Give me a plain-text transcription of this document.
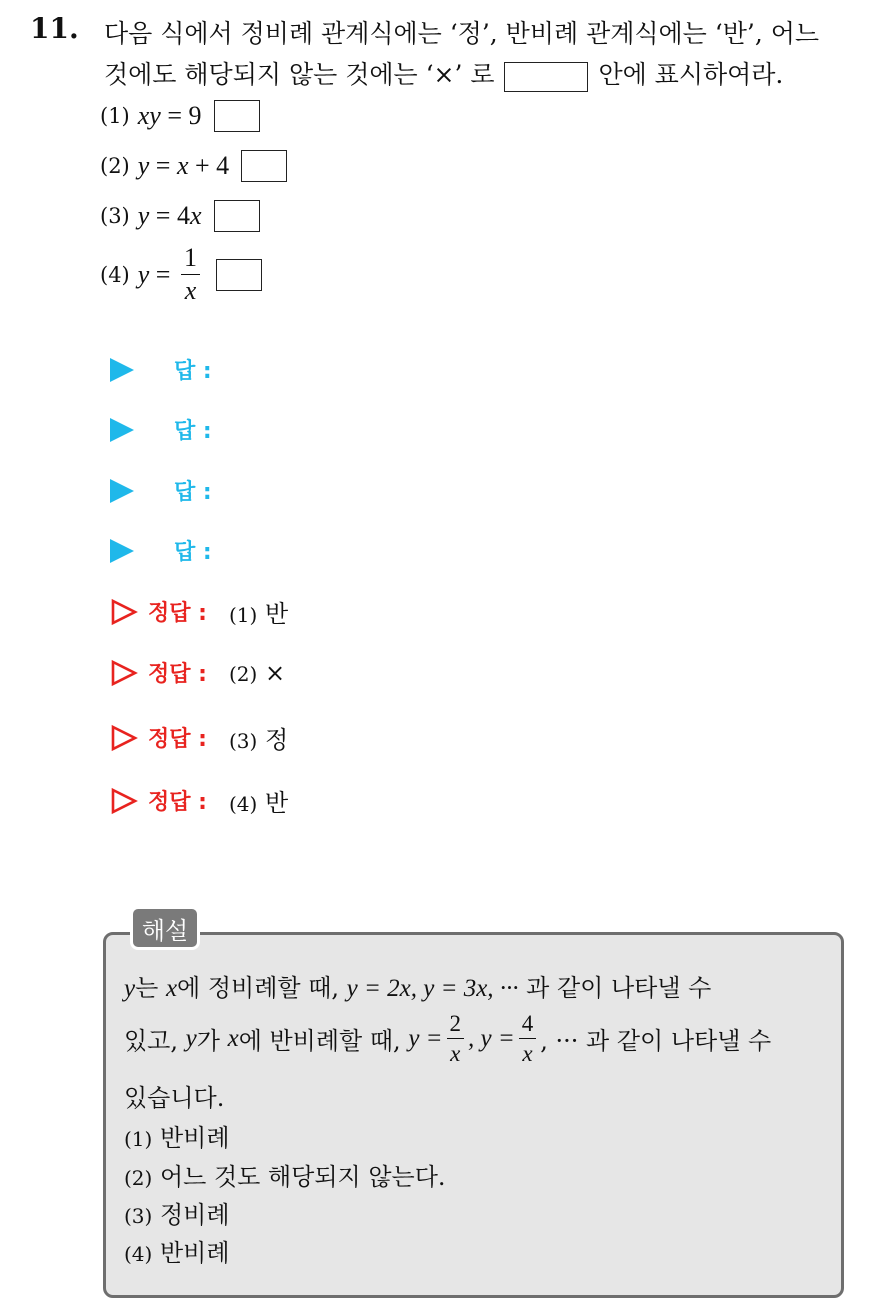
11. 다음 식에서 정비례 관계식에는 ‘정’, 반비례 관계식에는 ‘반’, 어느
것에도 해당되지 않는 것에는 ‘×’ 로	안에 표시하여라.
(1) xy = 9
(2) y = x + 4
(3) y = 4 x
(4) $y = \frac{1}{x}$
답 :
답 :
답 :
답 :
정답 : (1) 반
정답 : (2) ×
정답 : (3) 정
정답 : (4) 반
해설
y는 x에 정비례할 때, y = 2x, y = 3x, ··· 과 같이 나타낼 수
있고, y 가 x 에 반비례할 때, $y = \frac{2}{x}$ , $y = \frac{4}{x}$ , ··· 과 같이 나타낼 수
있습니다.
(1) 반비례
(2) 어느 것도 해당되지 않는다.
(3) 정비례
(4) 반비례
